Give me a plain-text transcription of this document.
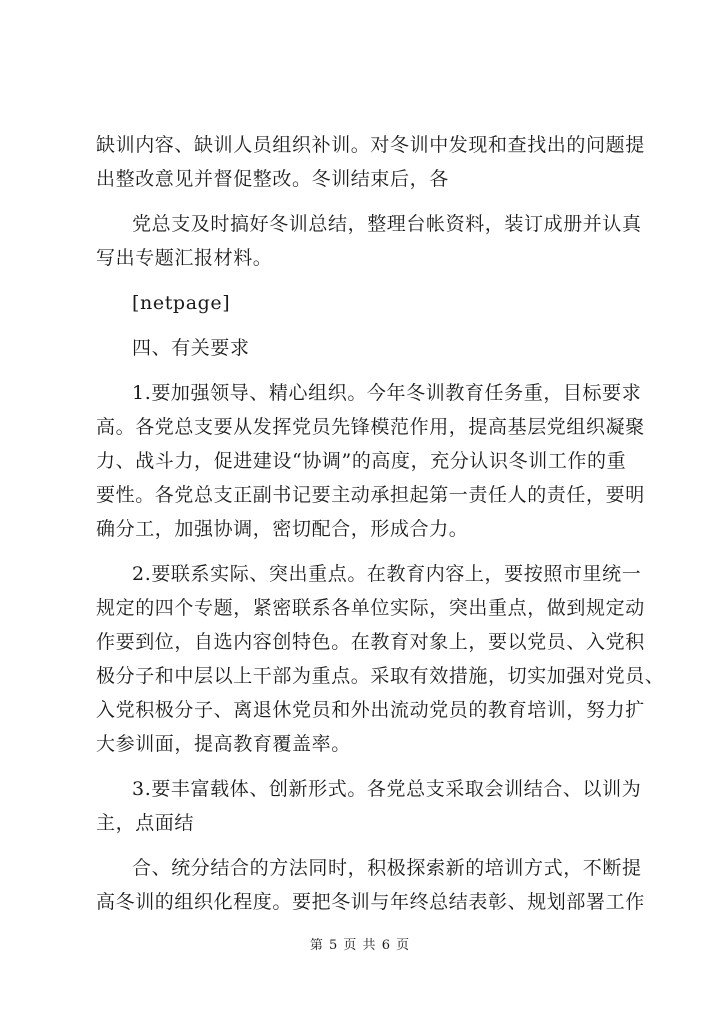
缺训内容、缺训人员组织补训。对冬训中发现和查找出的问题提
出整改意见并督促整改。冬训结束后，各
党总支及时搞好冬训总结，整理台帐资料，装订成册并认真
写出专题汇报材料。
[netpage]
四、有关要求
1.要加强领导、精心组织。今年冬训教育任务重，目标要求
高。各党总支要从发挥党员先锋模范作用，提高基层党组织凝聚
力、战斗力，促进建设“协调”的高度，充分认识冬训工作的重
要性。各党总支正副书记要主动承担起第一责任人的责任，要明
确分工，加强协调，密切配合，形成合力。
2.要联系实际、突出重点。在教育内容上，要按照市里统一
规定的四个专题，紧密联系各单位实际，突出重点，做到规定动
作要到位，自选内容创特色。在教育对象上，要以党员、入党积
极分子和中层以上干部为重点。采取有效措施，切实加强对党员、
入党积极分子、离退休党员和外出流动党员的教育培训，努力扩
大参训面，提高教育覆盖率。
3.要丰富载体、创新形式。各党总支采取会训结合、以训为
主，点面结
合、统分结合的方法同时，积极探索新的培训方式，不断提
高冬训的组织化程度。要把冬训与年终总结表彰、规划部署工作
第 5 页 共 6 页
